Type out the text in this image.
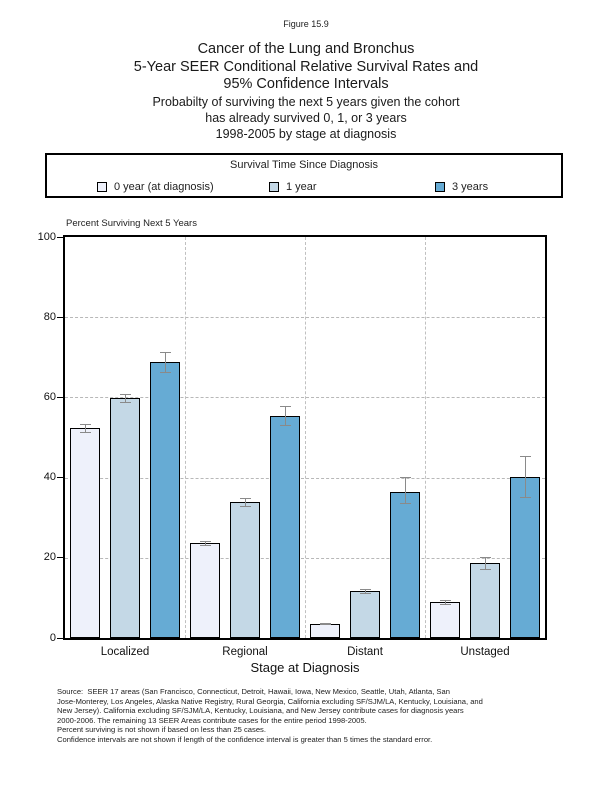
Figure 15.9
Cancer of the Lung and Bronchus
5-Year SEER Conditional Relative Survival Rates and
95% Confidence Intervals
Probabilty of surviving the next 5 years given the cohort
has already survived 0, 1, or 3 years
1998-2005 by stage at diagnosis
Survival Time Since Diagnosis
0 year (at diagnosis)	1 year	3 years
Percent Surviving Next 5 Years
0
20
40
60
80
100
Localized	Regional	Distant	Unstaged
Stage at Diagnosis
Source:  SEER 17 areas (San Francisco, Connecticut, Detroit, Hawaii, Iowa, New Mexico, Seattle, Utah, Atlanta, San
Jose-Monterey, Los Angeles, Alaska Native Registry, Rural Georgia, California excluding SF/SJM/LA, Kentucky, Louisiana, and
New Jersey). California excluding SF/SJM/LA, Kentucky, Louisiana, and New Jersey contribute cases for diagnosis years
2000-2006. The remaining 13 SEER Areas contribute cases for the entire period 1998-2005.
Percent surviving is not shown if based on less than 25 cases.
Confidence intervals are not shown if length of the confidence interval is greater than 5 times the standard error.
